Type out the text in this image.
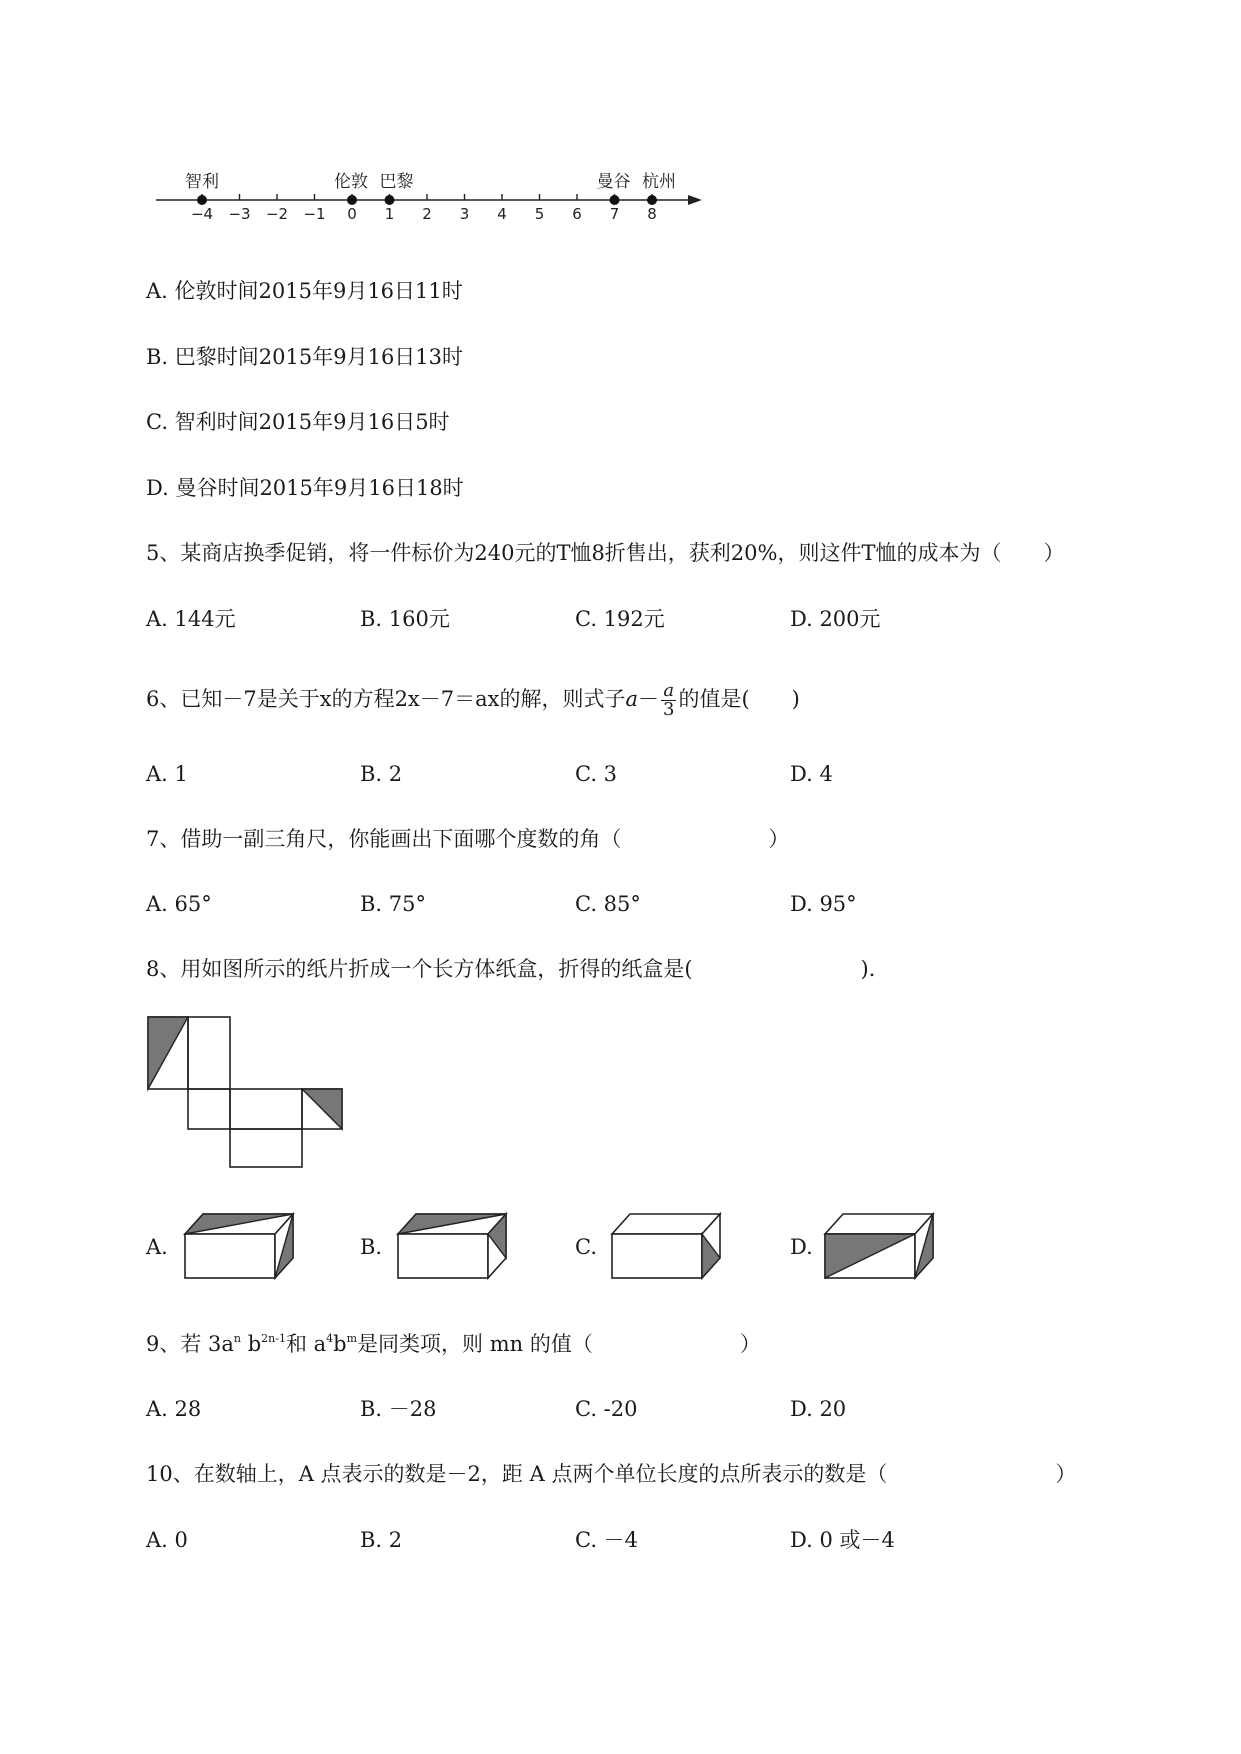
−4 −3 −2 −1 0 1 2 3 4 5 6 7 8
智利	伦敦 巴黎	曼谷 杭州
A. 伦敦时间2015年9月16日11时
B. 巴黎时间2015年9月16日13时
C. 智利时间2015年9月16日5时
D. 曼谷时间2015年9月16日18时
5、某商店换季促销，将一件标价为240元的T恤8折售出，获利20%，则这件T恤的成本为（　　）
A. 144元	B. 160元	C. 192元	D. 200元
6、已知－7是关于x的方程2x－7＝ax的解，则式子$a- \frac{a}{3}$ 的值是(　　)
A. 1	B. 2	C. 3	D. 4
7、借助一副三角尺，你能画出下面哪个度数的角（　　　　　　　）
A. 65°	B. 75°	C. 85°	D. 95°
8、用如图所示的纸片折成一个长方体纸盒，折得的纸盒是(　　　　　　　　)．
A.	B.	C.	D.
9、若 $3a^n$ $b^{2n-1}$和 $a^4b^m$是同类项，则 mn 的值（　　　　　　　）
A. 28	B. －28	C. -20	D. 20
10、在数轴上，A 点表示的数是－2，距 A 点两个单位长度的点所表示的数是（　　　　　　　　）
A. 0	B. 2	C. －4	D. 0 或－4
